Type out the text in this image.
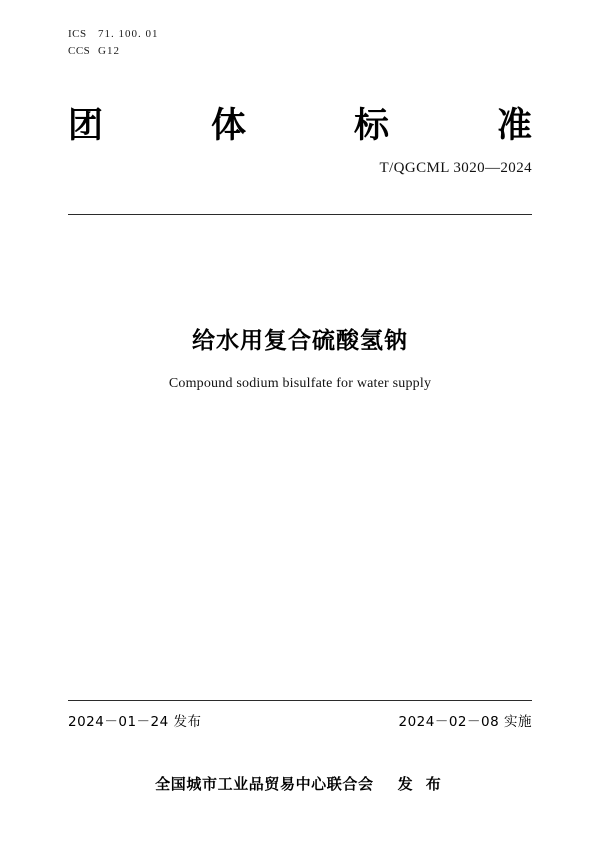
ICS 71. 100. 01
CCS G12
团	体	标	准
T/QGCML 3020—2024
给水用复合硫酸氢钠
Compound sodium bisulfate for water supply
2024－01－24 发布	2024－02－08 实施
全国城市工业品贸易中心联合会 发 布
